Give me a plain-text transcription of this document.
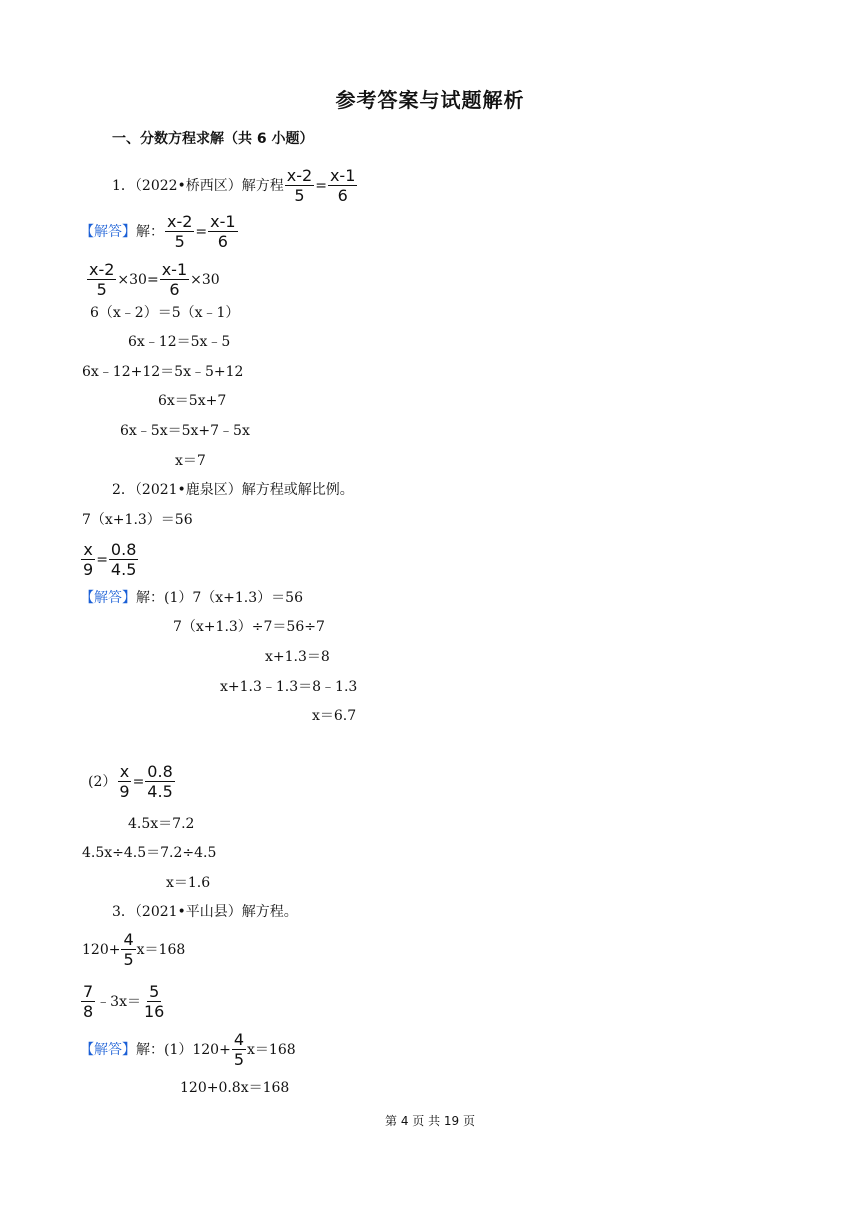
参考答案与试题解析
一、分数方程求解（共 6 小题）
1．（2022•桥西区）解方程 $\frac{x-2}{5} = \frac{x-1}{6}$
【解答】 解： $\frac{x-2}{5} = \frac{x-1}{6}$
$\frac{x-2}{5} \times 30 = \frac{x-1}{6} \times 30$
6（x﹣2）＝5（x﹣1）
6x﹣12＝5x﹣5
6x﹣12+12＝5x﹣5+12
6x＝5x+7
6x﹣5x＝5x+7﹣5x
x＝7
2．（2021•鹿泉区）解方程或解比例。
7（x+1.3）＝56
$\frac{x}{9} = \frac{0.8}{4.5}$
【解答】 解：(1）7（x+1.3）＝56
7（x+1.3）÷7＝56÷7
x+1.3＝8
x+1.3﹣1.3＝8﹣1.3
x＝6.7
$(2) \frac{x}{9} = \frac{0.8}{4.5}$
4.5x＝7.2
4.5x÷4.5＝7.2÷4.5
x＝1.6
3．（2021•平山县）解方程。
$120+ \frac{4}{5} x=168$
$\frac{7}{8}$ ﹣3x＝ $\frac{5}{16}$
【解答】 解：$(1)120+ \frac{4}{5} x=168$
120+0.8x＝168
第 4 页 共 19 页
